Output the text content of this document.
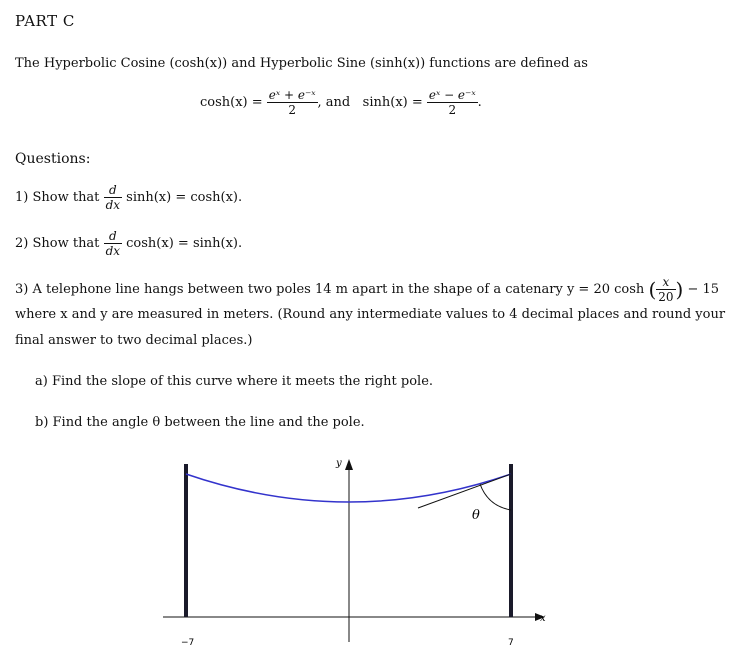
PART C
The Hyperbolic Cosine (cosh(x)) and Hyperbolic Sine (sinh(x)) functions are defined as
$\cosh(x) = \frac{\text{eˣ + e⁻ˣ}}{2}$ , and $\sinh(x) = \frac{\text{eˣ − e⁻ˣ}}{2}$ .
Questions:
1) Show that $\frac{d}{dx} \sinh(x) = \cosh(x)$.
2) Show that $\frac{d}{dx} \cosh(x) = \sinh(x)$.
3) A telephone line hangs between two poles 14 m apart in the shape of a catenary y = 20 cosh ( $\frac{x}{20}$ ) − 15
where x and y are measured in meters. (Round any intermediate values to 4 decimal places and round your
final answer to two decimal places.)
a) Find the slope of this curve where it meets the right pole.
b) Find the angle θ between the line and the pole.
y
x
θ
−7	7
